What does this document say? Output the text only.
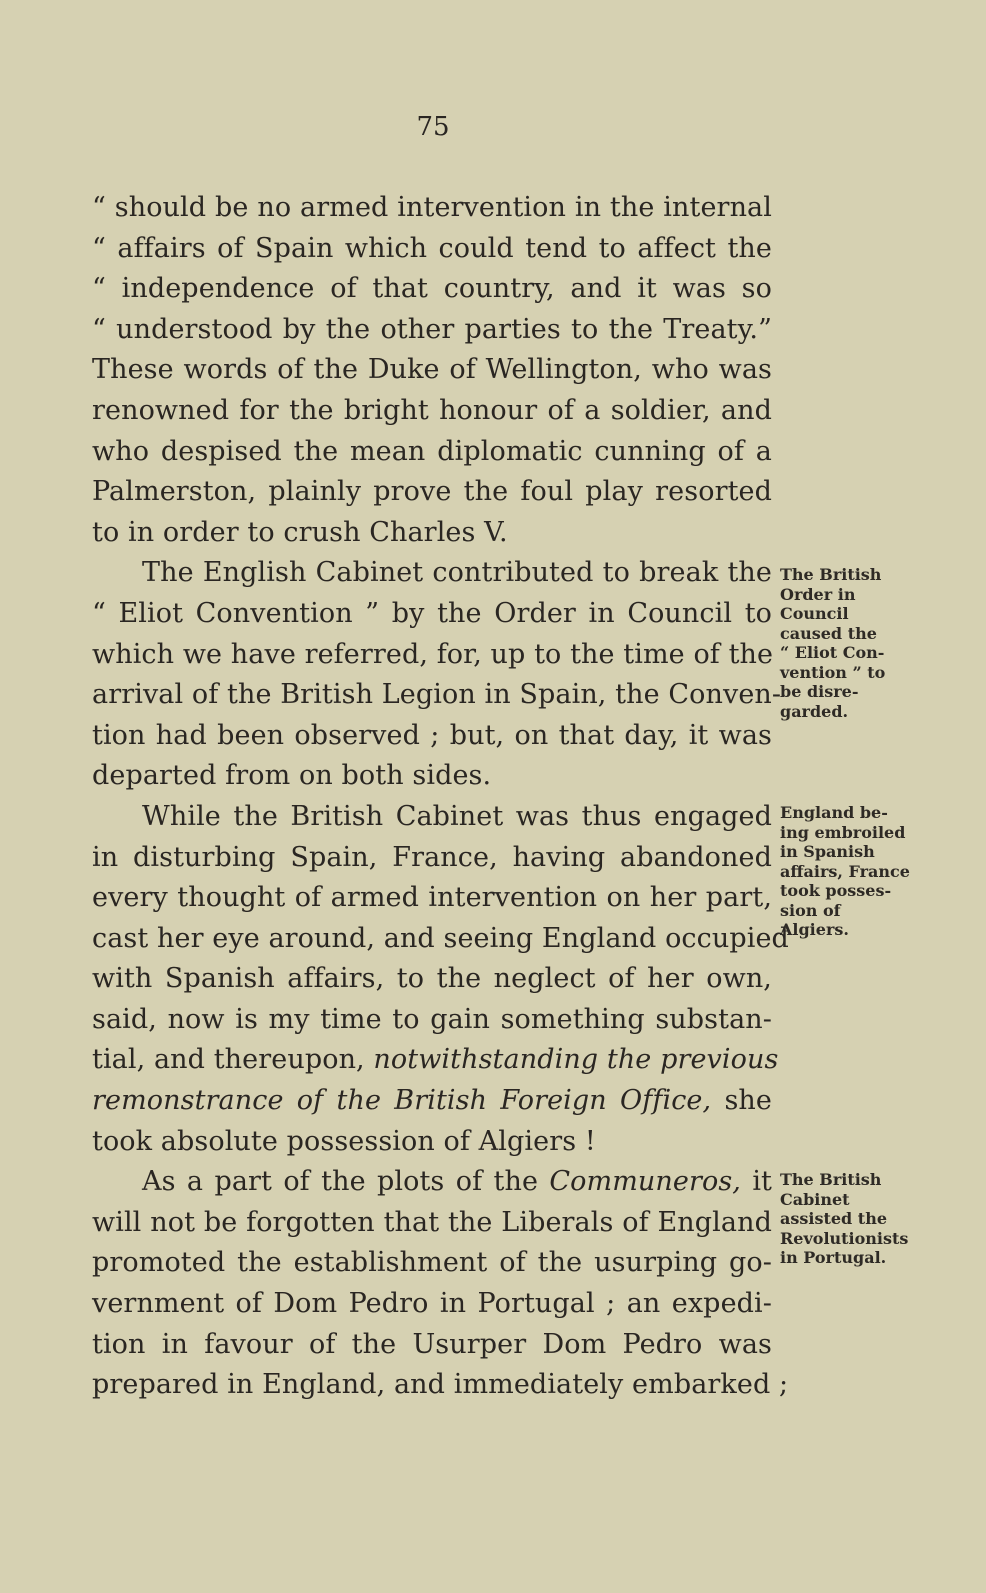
75
“ should be no armed intervention in the internal
“ affairs of Spain which could tend to affect the
“ independence of that country, and it was so
“ understood by the other parties to the Treaty.”
These words of the Duke of Wellington, who was
renowned for the bright honour of a soldier, and
who despised the mean diplomatic cunning of a
Palmerston, plainly prove the foul play resorted
to in order to crush Charles V.
The English Cabinet contributed to break the
“ Eliot Convention ” by the Order in Council to
which we have referred, for, up to the time of the
arrival of the British Legion in Spain, the Conven-
tion had been observed ; but, on that day, it was
departed from on both sides.
While the British Cabinet was thus engaged
in disturbing Spain, France, having abandoned
every thought of armed intervention on her part,
cast her eye around, and seeing England occupied
with Spanish affairs, to the neglect of her own,
said, now is my time to gain something substan-
tial, and thereupon, notwithstanding the previous
remonstrance of the British Foreign Office, she
took absolute possession of Algiers !
As a part of the plots of the Communeros, it
will not be forgotten that the Liberals of England
promoted the establishment of the usurping go-
vernment of Dom Pedro in Portugal ; an expedi-
tion in favour of the Usurper Dom Pedro was
prepared in England, and immediately embarked ;
The British
Order in
Council
caused the
“ Eliot Con-
vention ” to
be disre-
garded.
England be-
ing embroiled
in Spanish
affairs, France
took posses-
sion of
Algiers.
The British
Cabinet
assisted the
Revolutionists
in Portugal.
